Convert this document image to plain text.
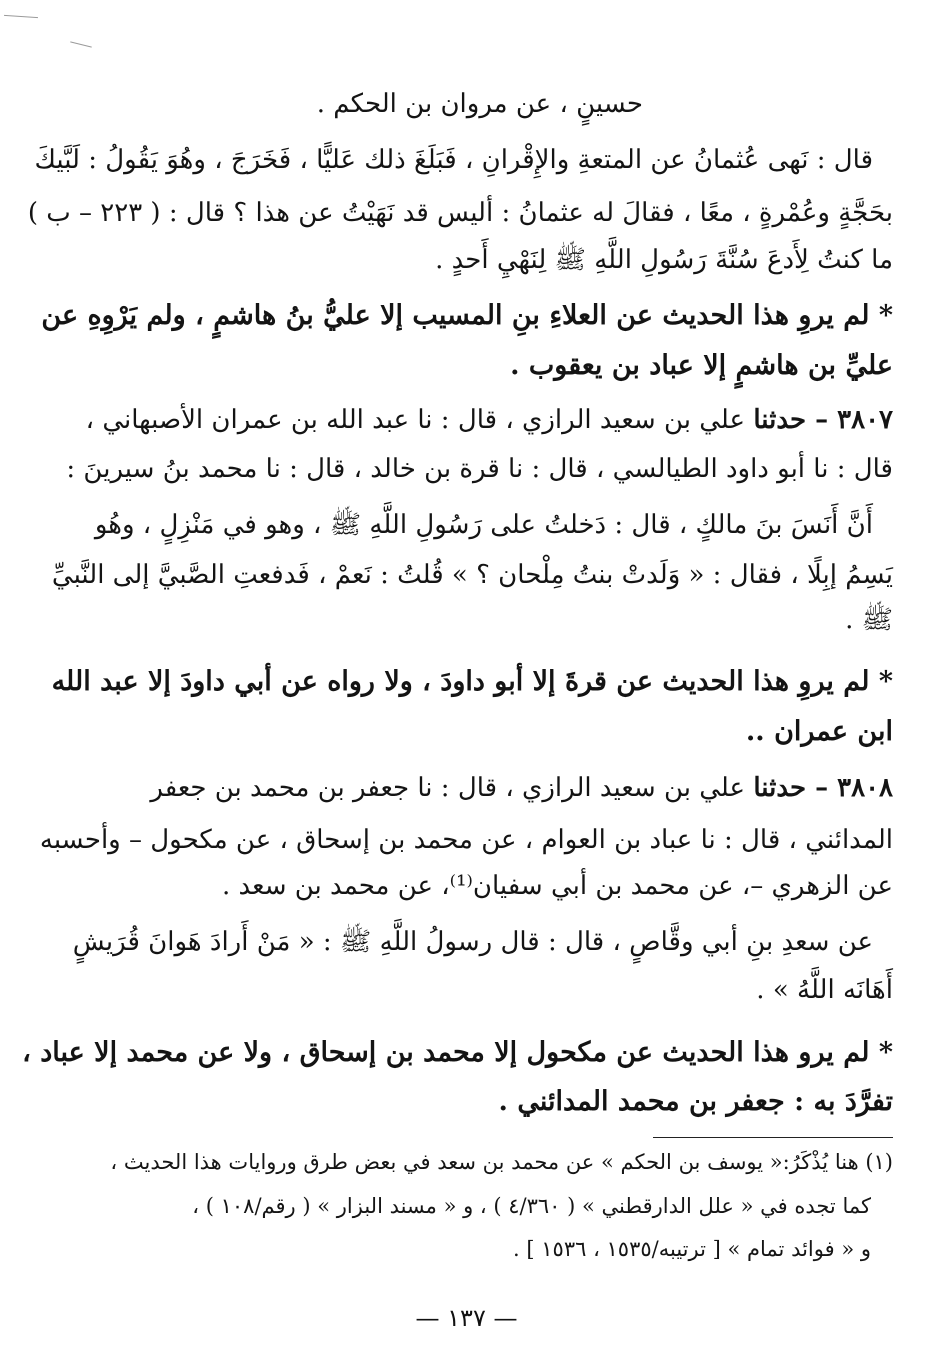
حسينٍ ، عن مروان بن الحكم .
قال : نَهى عُثمانُ عن المتعةِ والإِقْرانِ ، فَبَلَغَ ذلك عَليًّا ، فَخَرَجَ ، وهُوَ يَقُولُ : لَبَّيكَ
بحَجَّةٍ وعُمْرةٍ ، معًا ، فقالَ له عثمانُ : أليس قد نَهَيْتُ عن هذا ؟ قال : ( ٢٢٣ – ب )
ما كنتُ لِأَدعَ سُنَّةَ رَسُولِ اللَّهِ ﷺ لِنَهْيِ أَحدٍ .
* لم يروِ هذا الحديث عن العلاءِ بنِ المسيب إلا عليُّ بنُ هاشمٍ ، ولم يَرْوِهِ عن
عليِّ بن هاشمٍ إلا عباد بن يعقوب .
٣٨٠٧ – حدثنا علي بن سعيد الرازي ، قال : نا عبد الله بن عمران الأصبهاني ،
قال : نا أبو داود الطيالسي ، قال : نا قرة بن خالد ، قال : نا محمد بنُ سيرينَ :
أَنَّ أَنَسَ بنَ مالكٍ ، قال : دَخلتُ على رَسُولِ اللَّهِ ﷺ ، وهو في مَنْزِلٍ ، وهُو
يَسِمُ إبِلًا ، فقال : « وَلَدتْ بنتُ مِلْحان ؟ » قُلتُ : نَعمْ ، فَدفعتِ الصَّبيَّ إلى النَّبيِّ
ﷺ .
* لم يروِ هذا الحديث عن قرةَ إلا أبو داودَ ، ولا رواه عن أبي داودَ إلا عبد الله
ابن عمران ..
٣٨٠٨ – حدثنا علي بن سعيد الرازي ، قال : نا جعفر بن محمد بن جعفر
المدائني ، قال : نا عباد بن العوام ، عن محمد بن إسحاق ، عن مكحول – وأحسبه
عن الزهري –، عن محمد بن أبي سفيان⁽¹⁾، عن محمد بن سعد .
عن سعدِ بنِ أبي وقَّاصٍ ، قال : قال رسولُ اللَّهِ ﷺ : « مَنْ أَرادَ هَوانَ قُرَيشٍ
أَهَانَه اللَّهُ » .
* لم يرو هذا الحديث عن مكحول إلا محمد بن إسحاق ، ولا عن محمد إلا عباد ،
تفرَّدَ به : جعفر بن محمد المدائني .
(١) هنا يُذْكَرُ:« يوسف بن الحكم » عن محمد بن سعد في بعض طرق وروايات هذا الحديث ،
كما تجده في « علل الدارقطني » ( ٤/٣٦٠ ) ، و « مسند البزار » ( رقم/١٠٨ ) ،
و « فوائد تمام » [ ترتيبه/١٥٣٥ ، ١٥٣٦ ] .
— ١٣٧ —
